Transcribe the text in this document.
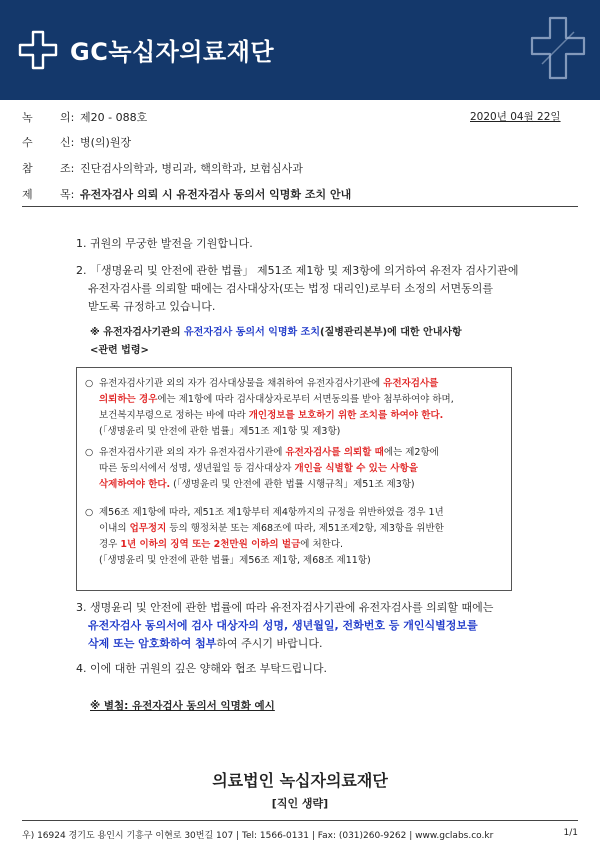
GC녹십자의료재단
녹 의: 제20 - 088호	2020년 04월 22일
수 신: 병(의)원장
참 조: 진단검사의학과, 병리과, 핵의학과, 보험심사과
제 목: 유전자검사 의뢰 시 유전자검사 동의서 익명화 조치 안내
1. 귀원의 무궁한 발전을 기원합니다.
2. 「생명윤리 및 안전에 관한 법률」 제51조 제1항 및 제3항에 의거하여 유전자 검사기관에
유전자검사를 의뢰할 때에는 검사대상자(또는 법정 대리인)로부터 소정의 서면동의를
받도록 규정하고 있습니다.
※ 유전자검사기관의 유전자검사 동의서 익명화 조치(질병관리본부)에 대한 안내사항
<관련 법령>
○ 유전자검사기관 외의 자가 검사대상물을 채취하여 유전자검사기관에 유전자검사를
의뢰하는 경우에는 제1항에 따라 검사대상자로부터 서면동의를 받아 첨부하여야 하며,
보건복지부령으로 정하는 바에 따라 개인정보를 보호하기 위한 조치를 하여야 한다.
(「생명윤리 및 안전에 관한 법률」제51조 제1항 및 제3항)
○ 유전자검사기관 외의 자가 유전자검사기관에 유전자검사를 의뢰할 때에는 제2항에
따른 동의서에서 성명, 생년월일 등 검사대상자 개인을 식별할 수 있는 사항을
삭제하여야 한다. (「생명윤리 및 안전에 관한 법률 시행규칙」제51조 제3항)
○ 제56조 제1항에 따라, 제51조 제1항부터 제4항까지의 규정을 위반하였을 경우 1년
이내의 업무정지 등의 행정처분 또는 제68조에 따라, 제51조제2항, 제3항을 위반한
경우 1년 이하의 징역 또는 2천만원 이하의 벌금에 처한다.
(「생명윤리 및 안전에 관한 법률」제56조 제1항, 제68조 제11항)
3. 생명윤리 및 안전에 관한 법률에 따라 유전자검사기관에 유전자검사를 의뢰할 때에는
유전자검사 동의서에 검사 대상자의 성명, 생년월일, 전화번호 등 개인식별정보를
삭제 또는 암호화하여 첨부하여 주시기 바랍니다.
4. 이에 대한 귀원의 깊은 양해와 협조 부탁드립니다.
※ 별첨: 유전자검사 동의서 익명화 예시
의료법인 녹십자의료재단
[직인 생략]
우) 16924 경기도 용인시 기흥구 이현로 30번길 107 | Tel: 1566-0131 | Fax: (031)260-9262 | www.gclabs.co.kr	1/1
